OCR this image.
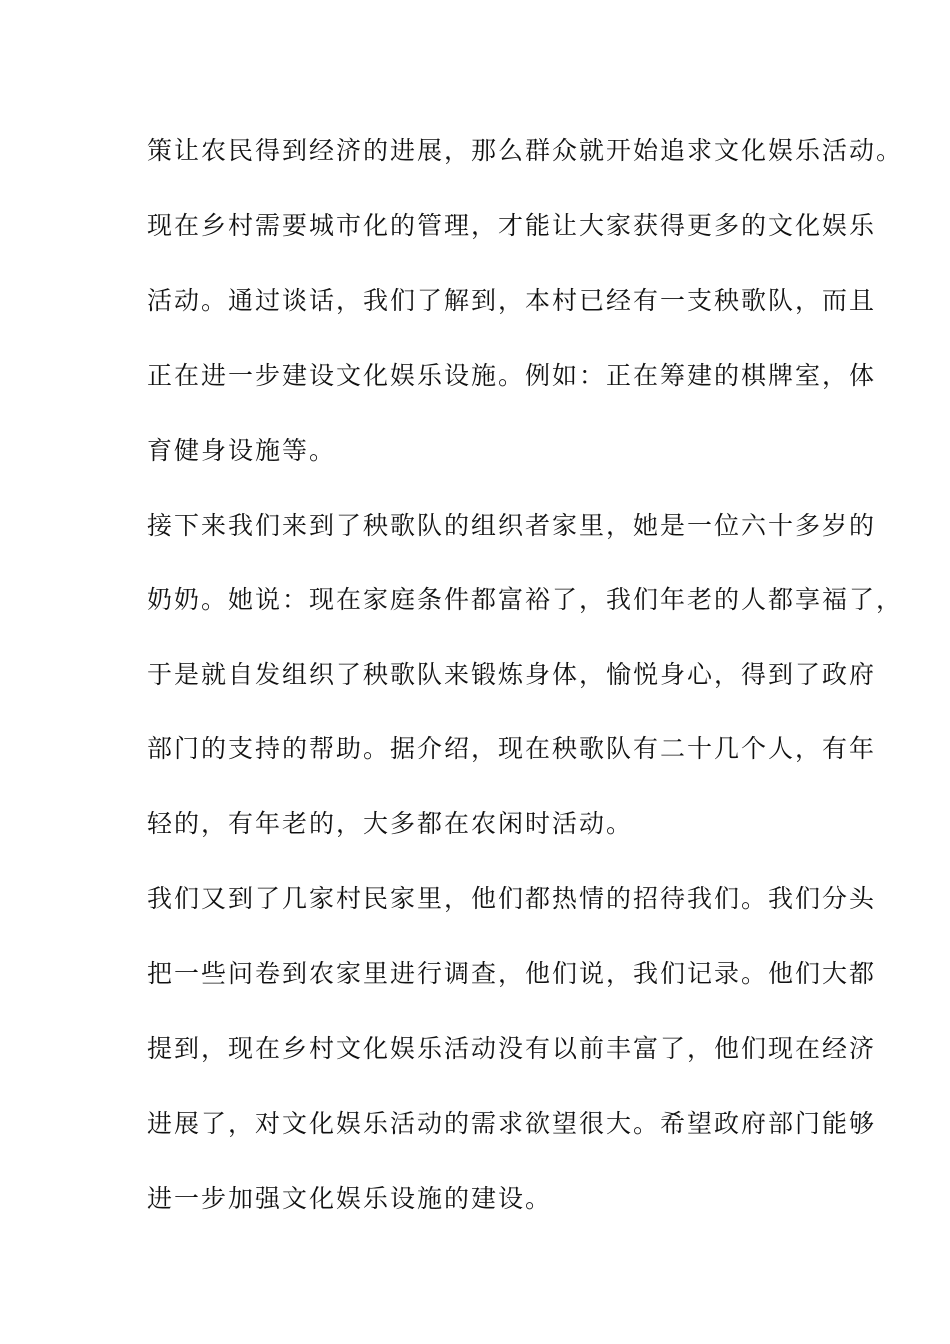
策让农民得到经济的进展，那么群众就开始追求文化娱乐活动。
现在乡村需要城市化的管理，才能让大家获得更多的文化娱乐
活动。通过谈话，我们了解到，本村已经有一支秧歌队，而且
正在进一步建设文化娱乐设施。例如：正在筹建的棋牌室，体
育健身设施等。
接下来我们来到了秧歌队的组织者家里，她是一位六十多岁的
奶奶。她说：现在家庭条件都富裕了，我们年老的人都享福了，
于是就自发组织了秧歌队来锻炼身体，愉悦身心，得到了政府
部门的支持的帮助。据介绍，现在秧歌队有二十几个人，有年
轻的，有年老的，大多都在农闲时活动。
我们又到了几家村民家里，他们都热情的招待我们。我们分头
把一些问卷到农家里进行调查，他们说，我们记录。他们大都
提到，现在乡村文化娱乐活动没有以前丰富了，他们现在经济
进展了，对文化娱乐活动的需求欲望很大。希望政府部门能够
进一步加强文化娱乐设施的建设。
